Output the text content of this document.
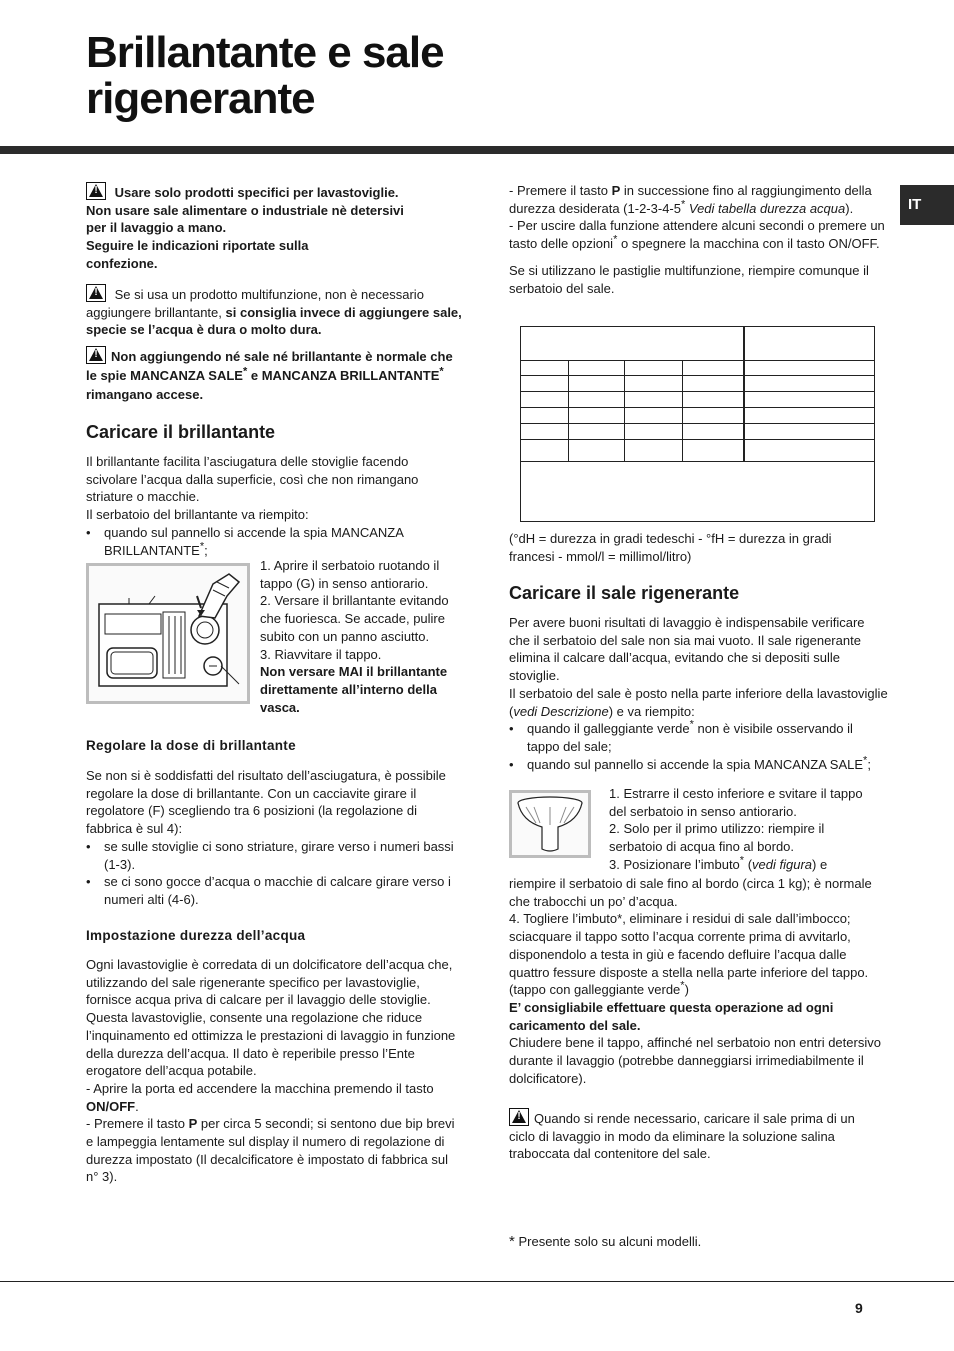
Brillantante e sale rigenerante
IT

! Usare solo prodotti specifici per lavastoviglie.

Non usare sale alimentare o industriale nè detersivi

per il lavaggio a mano.

Seguire le indicazioni riportate sulla

confezione.

! Se si usa un prodotto multifunzione, non è necessario aggiungere brillantante, si consiglia invece di aggiungere sale, specie se l’acqua è dura o molto dura.

!Non aggiungendo né sale né brillantante è normale che le spie MANCANZA SALE* e MANCANZA BRILLANTANTE* rimangano accese.

Caricare il brillantante

Il brillantante facilita l’asciugatura delle stoviglie facendo scivolare l’acqua dalla superficie, così che non rimangano striature o macchie.

Il serbatoio del brillantante va riempito:

• quando sul pannello si accende la spia MANCANZA BRILLANTANTE*;

1. Aprire il serbatoio ruotando il tappo (G) in senso antiorario.

2. Versare il brillantante evitando che fuoriesca. Se accade, pulire subito con un panno asciutto.

3. Riavvitare il tappo.

Non versare MAI il brillantante direttamente all’interno della vasca.

Regolare la dose di brillantante

Se non si è soddisfatti del risultato dell’asciugatura, è possibile regolare la dose di brillantante. Con un cacciavite girare il regolatore (F) scegliendo tra 6 posizioni (la regolazione di fabbrica è sul 4):

• se sulle stoviglie ci sono striature, girare verso i numeri bassi (1-3).
• se ci sono gocce d’acqua o macchie di calcare girare verso i numeri alti (4-6).
Impostazione durezza dell’acqua

Ogni lavastoviglie è corredata di un dolcificatore dell’acqua che, utilizzando del sale rigenerante specifico per lavastoviglie, fornisce acqua priva di calcare per il lavaggio delle stoviglie.

Questa lavastoviglie, consente una regolazione che riduce l’inquinamento ed ottimizza le prestazioni di lavaggio in funzione della durezza dell’acqua. Il dato è reperibile presso l’Ente erogatore dell’acqua potabile.

- Aprire la porta ed accendere la macchina premendo il tasto ON/OFF.

- Premere il tasto P per circa 5 secondi; si sentono due bip brevi e lampeggia lentamente sul display il numero di regolazione di durezza impostato (Il decalcificatore è impostato di fabbrica sul n° 3).

- Premere il tasto P in successione fino al raggiungimento della durezza desiderata (1-2-3-4-5* Vedi tabella durezza acqua).

- Per uscire dalla funzione attendere alcuni secondi o premere un tasto delle opzioni* o spegnere la macchina con il tasto ON/OFF.

Se si utilizzano le pastiglie multifunzione, riempire comunque il serbatoio del sale.

(°dH = durezza in gradi tedeschi - °fH = durezza in gradi francesi - mmol/l = millimol/litro)
Caricare il sale rigenerante

Per avere buoni risultati di lavaggio è indispensabile verificare che il serbatoio del sale non sia mai vuoto. Il sale rigenerante elimina il calcare dall’acqua, evitando che si depositi sulle stoviglie.

Il serbatoio del sale è posto nella parte inferiore della lavastoviglie (vedi Descrizione) e va riempito:

• quando il galleggiante verde* non è visibile osservando il tappo del sale;
• quando sul pannello si accende la spia MANCANZA SALE*;

1. Estrarre il cesto inferiore e svitare il tappo del serbatoio in senso antiorario.

2. Solo per il primo utilizzo: riempire il serbatoio di acqua fino al bordo.

3. Posizionare l’imbuto* (vedi figura) e

riempire il serbatoio di sale fino al bordo (circa 1 kg); è normale che trabocchi un po’ d’acqua.

4. Togliere l’imbuto*, eliminare i residui di sale dall’imbocco; sciacquare il tappo sotto l’acqua corrente prima di avvitarlo, disponendolo a testa in giù e facendo defluire l’acqua dalle quattro fessure disposte a stella nella parte inferiore del tappo. (tappo con galleggiante verde*)

E’ consigliabile effettuare questa operazione ad ogni caricamento del sale.

Chiudere bene il tappo, affinché nel serbatoio non entri detersivo durante il lavaggio (potrebbe danneggiarsi irrimediabilmente il dolcificatore).

!Quando si rende necessario, caricare il sale prima di un ciclo di lavaggio in modo da eliminare la soluzione salina traboccata dal contenitore del sale.

* Presente solo su alcuni modelli.
9
